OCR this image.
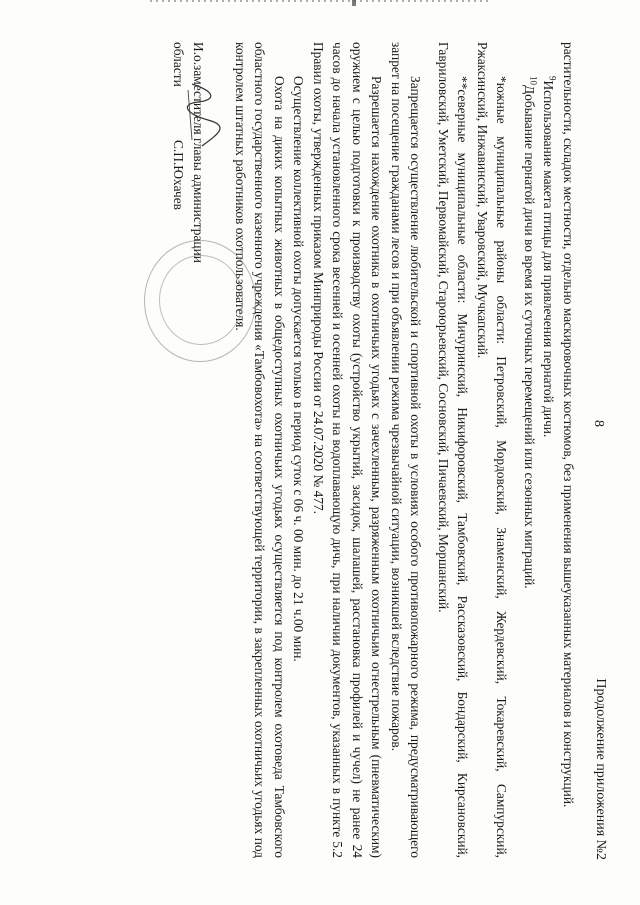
8
Продолжение приложения №2
растительности, складок местности, отдельно маскировочных костюмов, без применения вышеуказанных материалов и конструкций.
$^9$Использование макета птицы для привлечения пернатой дичи.
$^{10}$Добывание пернатой дичи во время их суточных перемещений или сезонных миграций.
*южные муниципальные районы области: Петровский, Мордовский, Знаменский, Жердевский, Токаревский, Сампурский, Ржаксинский, Инжавинский, Уваровский, Мучкапский.
**северные муниципальные области: Мичуринский, Никифоровский, Тамбовский, Рассказовский, Бондарский, Кирсановский, Гавриловский, Уметский, Первомайский, Староюрьевский, Сосновский, Пичаевский, Моршанский.
Запрещается осуществление любительской и спортивной охоты в условиях особого противопожарного режима, предусматривающего запрет на посещение гражданами лесов и при объявлении режима чрезвычайной ситуации, возникшей вследствие пожаров.
Разрешается нахождение охотника в охотничьих угодьях с зачехленным, разряженным охотничьим огнестрельным (пневматическим) оружием с целью подготовки к производству охоты (устройство укрытий, засидок, шалашей, расстановка профилей и чучел) не ранее 24 часов до начала установленного срока весенней и осенней охоты на водоплавающую дичь, при наличии документов, указанных в пункте 5.2 Правил охоты, утвержденных приказом Минприроды России от 24.07.2020 № 477.
Осуществление коллективной охоты допускается только в период суток с 06 ч. 00 мин. до 21 ч.00 мин.
Охота на диких копытных животных в общедоступных охотничьих угодьях осуществляется под контролем охотоведа Тамбовского областного государственного казенного учреждения «Тамбовохота» на соответствующей территории, в закрепленных охотничьих угодьях под контролем штатных работников охотпользователя.
И.о.заместителя главы администрации
области
С.П.Юхачев
